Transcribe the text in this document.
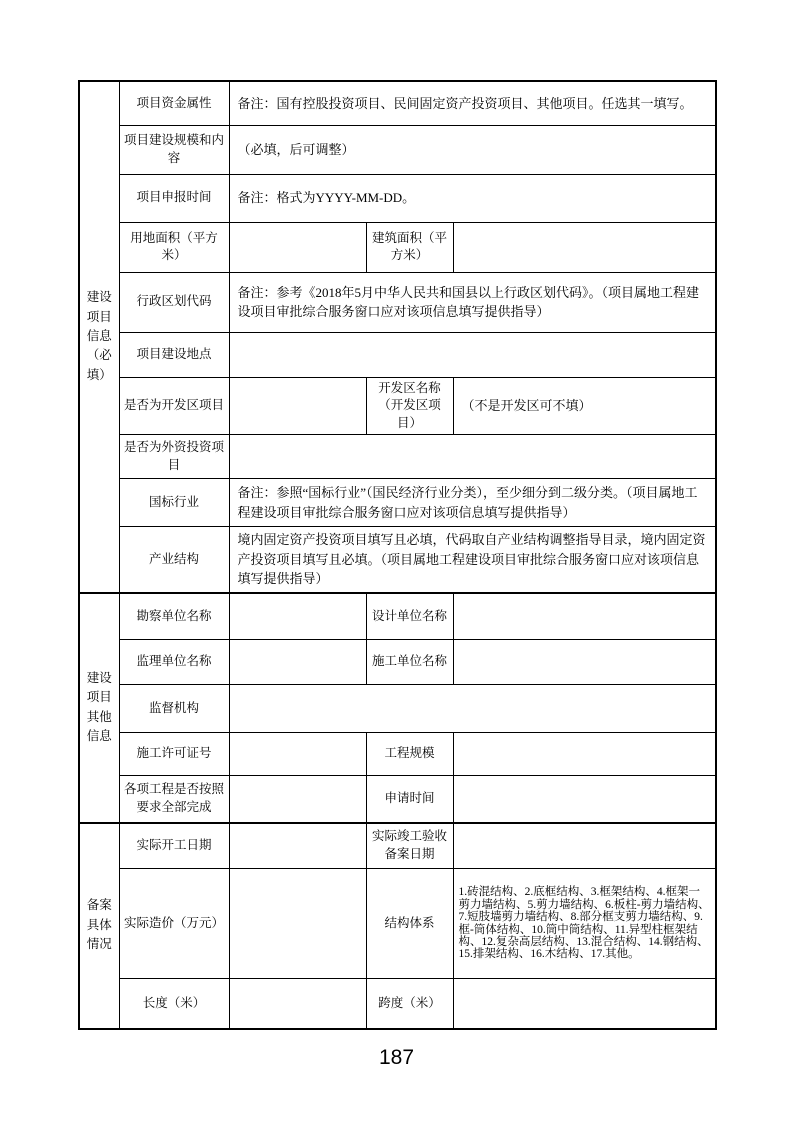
建设项目信息（必填）	项目资金属性	备注：国有控股投资项目、民间固定资产投资项目、其他项目。任选其一填写。		
	项目建设规模和内容	（必填，后可调整）		
	项目申报时间	备注：格式为YYYY-MM-DD。		
	用地面积（平方米）		建筑面积（平方米）	
	行政区划代码	备注：参考《2018年5月中华人民共和国县以上行政区划代码》。（项目属地工程建设项目审批综合服务窗口应对该项信息填写提供指导）		
	项目建设地点			
	是否为开发区项目		开发区名称（开发区项目）	（不是开发区可不填）
	是否为外资投资项目			
	国标行业	备注：参照“国标行业”（国民经济行业分类），至少细分到二级分类。（项目属地工程建设项目审批综合服务窗口应对该项信息填写提供指导）		
	产业结构	境内固定资产投资项目填写且必填，代码取自产业结构调整指导目录，境内固定资产投资项目填写且必填。（项目属地工程建设项目审批综合服务窗口应对该项信息填写提供指导）		

建设项目其他信息	勘察单位名称		设计单位名称	
	监理单位名称		施工单位名称	
	监督机构			
	施工许可证号		工程规模	
	各项工程是否按照要求全部完成		申请时间	

备案具体情况	实际开工日期		实际竣工验收备案日期	
	实际造价（万元）		结构体系	1.砖混结构、2.底框结构、3.框架结构、4.框架一剪力墙结构、5.剪力墙结构、6.板柱-剪力墙结构、7.短肢墙剪力墙结构、8.部分框支剪力墙结构、9.框-筒体结构、10.筒中筒结构、11.异型柱框架结构、12.复杂高层结构、13.混合结构、14.钢结构、15.排架结构、16.木结构、17.其他。
	长度（米）		跨度（米）	
187
